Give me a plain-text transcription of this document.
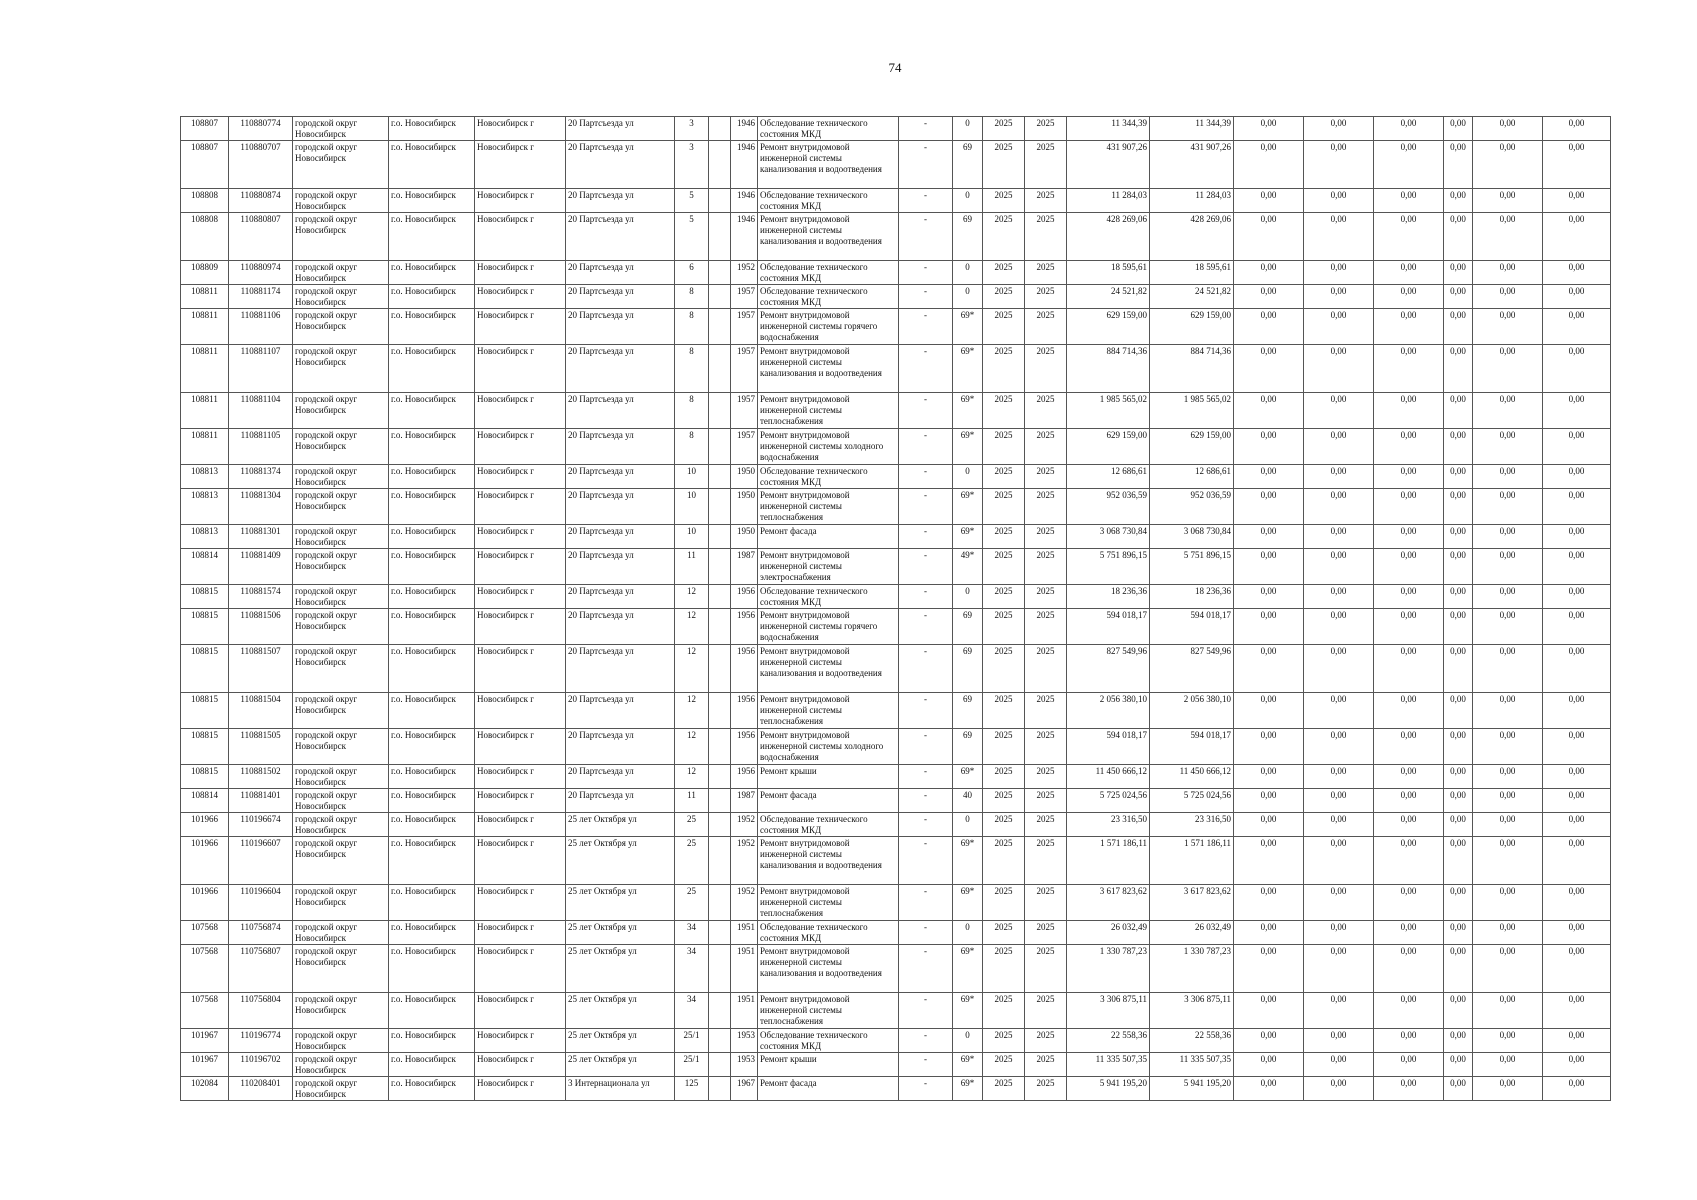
74
108807	110880774	городской округ Новосибирск	г.о. Новосибирск	Новосибирск г	20 Партсъезда ул	3		1946	Обследование технического состояния МКД	-	0	2025	2025	11 344,39	11 344,39	0,00	0,00	0,00	0,00	0,00	0,00
108807	110880707	городской округ Новосибирск	г.о. Новосибирск	Новосибирск г	20 Партсъезда ул	3		1946	Ремонт внутридомовой инженерной системы канализования и водоотведения	-	69	2025	2025	431 907,26	431 907,26	0,00	0,00	0,00	0,00	0,00	0,00
108808	110880874	городской округ Новосибирск	г.о. Новосибирск	Новосибирск г	20 Партсъезда ул	5		1946	Обследование технического состояния МКД	-	0	2025	2025	11 284,03	11 284,03	0,00	0,00	0,00	0,00	0,00	0,00
108808	110880807	городской округ Новосибирск	г.о. Новосибирск	Новосибирск г	20 Партсъезда ул	5		1946	Ремонт внутридомовой инженерной системы канализования и водоотведения	-	69	2025	2025	428 269,06	428 269,06	0,00	0,00	0,00	0,00	0,00	0,00
108809	110880974	городской округ Новосибирск	г.о. Новосибирск	Новосибирск г	20 Партсъезда ул	6		1952	Обследование технического состояния МКД	-	0	2025	2025	18 595,61	18 595,61	0,00	0,00	0,00	0,00	0,00	0,00
108811	110881174	городской округ Новосибирск	г.о. Новосибирск	Новосибирск г	20 Партсъезда ул	8		1957	Обследование технического состояния МКД	-	0	2025	2025	24 521,82	24 521,82	0,00	0,00	0,00	0,00	0,00	0,00
108811	110881106	городской округ Новосибирск	г.о. Новосибирск	Новосибирск г	20 Партсъезда ул	8		1957	Ремонт внутридомовой инженерной системы горячего водоснабжения	-	69*	2025	2025	629 159,00	629 159,00	0,00	0,00	0,00	0,00	0,00	0,00
108811	110881107	городской округ Новосибирск	г.о. Новосибирск	Новосибирск г	20 Партсъезда ул	8		1957	Ремонт внутридомовой инженерной системы канализования и водоотведения	-	69*	2025	2025	884 714,36	884 714,36	0,00	0,00	0,00	0,00	0,00	0,00
108811	110881104	городской округ Новосибирск	г.о. Новосибирск	Новосибирск г	20 Партсъезда ул	8		1957	Ремонт внутридомовой инженерной системы теплоснабжения	-	69*	2025	2025	1 985 565,02	1 985 565,02	0,00	0,00	0,00	0,00	0,00	0,00
108811	110881105	городской округ Новосибирск	г.о. Новосибирск	Новосибирск г	20 Партсъезда ул	8		1957	Ремонт внутридомовой инженерной системы холодного водоснабжения	-	69*	2025	2025	629 159,00	629 159,00	0,00	0,00	0,00	0,00	0,00	0,00
108813	110881374	городской округ Новосибирск	г.о. Новосибирск	Новосибирск г	20 Партсъезда ул	10		1950	Обследование технического состояния МКД	-	0	2025	2025	12 686,61	12 686,61	0,00	0,00	0,00	0,00	0,00	0,00
108813	110881304	городской округ Новосибирск	г.о. Новосибирск	Новосибирск г	20 Партсъезда ул	10		1950	Ремонт внутридомовой инженерной системы теплоснабжения	-	69*	2025	2025	952 036,59	952 036,59	0,00	0,00	0,00	0,00	0,00	0,00
108813	110881301	городской округ Новосибирск	г.о. Новосибирск	Новосибирск г	20 Партсъезда ул	10		1950	Ремонт фасада	-	69*	2025	2025	3 068 730,84	3 068 730,84	0,00	0,00	0,00	0,00	0,00	0,00
108814	110881409	городской округ Новосибирск	г.о. Новосибирск	Новосибирск г	20 Партсъезда ул	11		1987	Ремонт внутридомовой инженерной системы электроснабжения	-	49*	2025	2025	5 751 896,15	5 751 896,15	0,00	0,00	0,00	0,00	0,00	0,00
108815	110881574	городской округ Новосибирск	г.о. Новосибирск	Новосибирск г	20 Партсъезда ул	12		1956	Обследование технического состояния МКД	-	0	2025	2025	18 236,36	18 236,36	0,00	0,00	0,00	0,00	0,00	0,00
108815	110881506	городской округ Новосибирск	г.о. Новосибирск	Новосибирск г	20 Партсъезда ул	12		1956	Ремонт внутридомовой инженерной системы горячего водоснабжения	-	69	2025	2025	594 018,17	594 018,17	0,00	0,00	0,00	0,00	0,00	0,00
108815	110881507	городской округ Новосибирск	г.о. Новосибирск	Новосибирск г	20 Партсъезда ул	12		1956	Ремонт внутридомовой инженерной системы канализования и водоотведения	-	69	2025	2025	827 549,96	827 549,96	0,00	0,00	0,00	0,00	0,00	0,00
108815	110881504	городской округ Новосибирск	г.о. Новосибирск	Новосибирск г	20 Партсъезда ул	12		1956	Ремонт внутридомовой инженерной системы теплоснабжения	-	69	2025	2025	2 056 380,10	2 056 380,10	0,00	0,00	0,00	0,00	0,00	0,00
108815	110881505	городской округ Новосибирск	г.о. Новосибирск	Новосибирск г	20 Партсъезда ул	12		1956	Ремонт внутридомовой инженерной системы холодного водоснабжения	-	69	2025	2025	594 018,17	594 018,17	0,00	0,00	0,00	0,00	0,00	0,00
108815	110881502	городской округ Новосибирск	г.о. Новосибирск	Новосибирск г	20 Партсъезда ул	12		1956	Ремонт крыши	-	69*	2025	2025	11 450 666,12	11 450 666,12	0,00	0,00	0,00	0,00	0,00	0,00
108814	110881401	городской округ Новосибирск	г.о. Новосибирск	Новосибирск г	20 Партсъезда ул	11		1987	Ремонт фасада	-	40	2025	2025	5 725 024,56	5 725 024,56	0,00	0,00	0,00	0,00	0,00	0,00
101966	110196674	городской округ Новосибирск	г.о. Новосибирск	Новосибирск г	25 лет Октября ул	25		1952	Обследование технического состояния МКД	-	0	2025	2025	23 316,50	23 316,50	0,00	0,00	0,00	0,00	0,00	0,00
101966	110196607	городской округ Новосибирск	г.о. Новосибирск	Новосибирск г	25 лет Октября ул	25		1952	Ремонт внутридомовой инженерной системы канализования и водоотведения	-	69*	2025	2025	1 571 186,11	1 571 186,11	0,00	0,00	0,00	0,00	0,00	0,00
101966	110196604	городской округ Новосибирск	г.о. Новосибирск	Новосибирск г	25 лет Октября ул	25		1952	Ремонт внутридомовой инженерной системы теплоснабжения	-	69*	2025	2025	3 617 823,62	3 617 823,62	0,00	0,00	0,00	0,00	0,00	0,00
107568	110756874	городской округ Новосибирск	г.о. Новосибирск	Новосибирск г	25 лет Октября ул	34		1951	Обследование технического состояния МКД	-	0	2025	2025	26 032,49	26 032,49	0,00	0,00	0,00	0,00	0,00	0,00
107568	110756807	городской округ Новосибирск	г.о. Новосибирск	Новосибирск г	25 лет Октября ул	34		1951	Ремонт внутридомовой инженерной системы канализования и водоотведения	-	69*	2025	2025	1 330 787,23	1 330 787,23	0,00	0,00	0,00	0,00	0,00	0,00
107568	110756804	городской округ Новосибирск	г.о. Новосибирск	Новосибирск г	25 лет Октября ул	34		1951	Ремонт внутридомовой инженерной системы теплоснабжения	-	69*	2025	2025	3 306 875,11	3 306 875,11	0,00	0,00	0,00	0,00	0,00	0,00
101967	110196774	городской округ Новосибирск	г.о. Новосибирск	Новосибирск г	25 лет Октября ул	25/1		1953	Обследование технического состояния МКД	-	0	2025	2025	22 558,36	22 558,36	0,00	0,00	0,00	0,00	0,00	0,00
101967	110196702	городской округ Новосибирск	г.о. Новосибирск	Новосибирск г	25 лет Октября ул	25/1		1953	Ремонт крыши	-	69*	2025	2025	11 335 507,35	11 335 507,35	0,00	0,00	0,00	0,00	0,00	0,00
102084	110208401	городской округ Новосибирск	г.о. Новосибирск	Новосибирск г	3 Интернационала ул	125		1967	Ремонт фасада	-	69*	2025	2025	5 941 195,20	5 941 195,20	0,00	0,00	0,00	0,00	0,00	0,00
